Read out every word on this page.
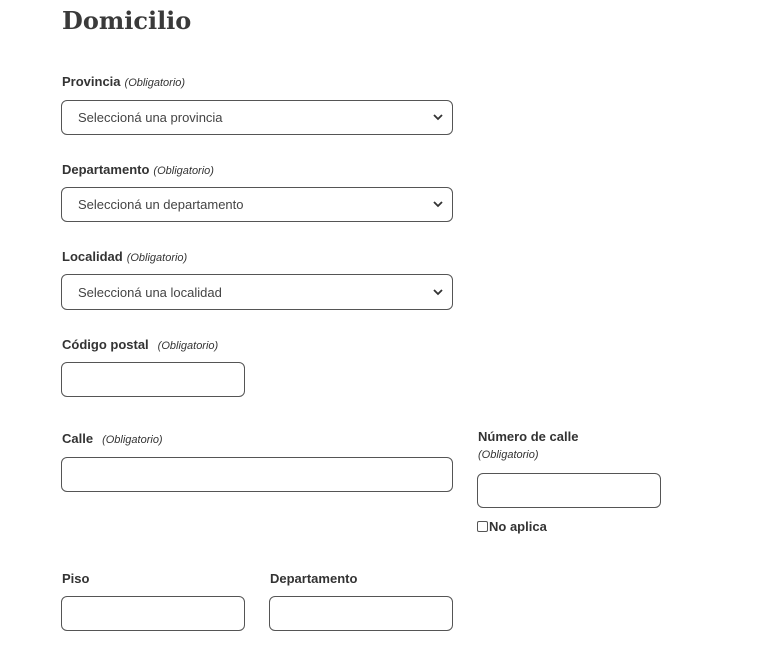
Domicilio
Provincia (Obligatorio)
Seleccioná una provincia
Departamento (Obligatorio)
Seleccioná un departamento
Localidad (Obligatorio)
Seleccioná una localidad
Código postal (Obligatorio)
Calle (Obligatorio)	Número de calle
(Obligatorio)
No aplica
Piso	Departamento
